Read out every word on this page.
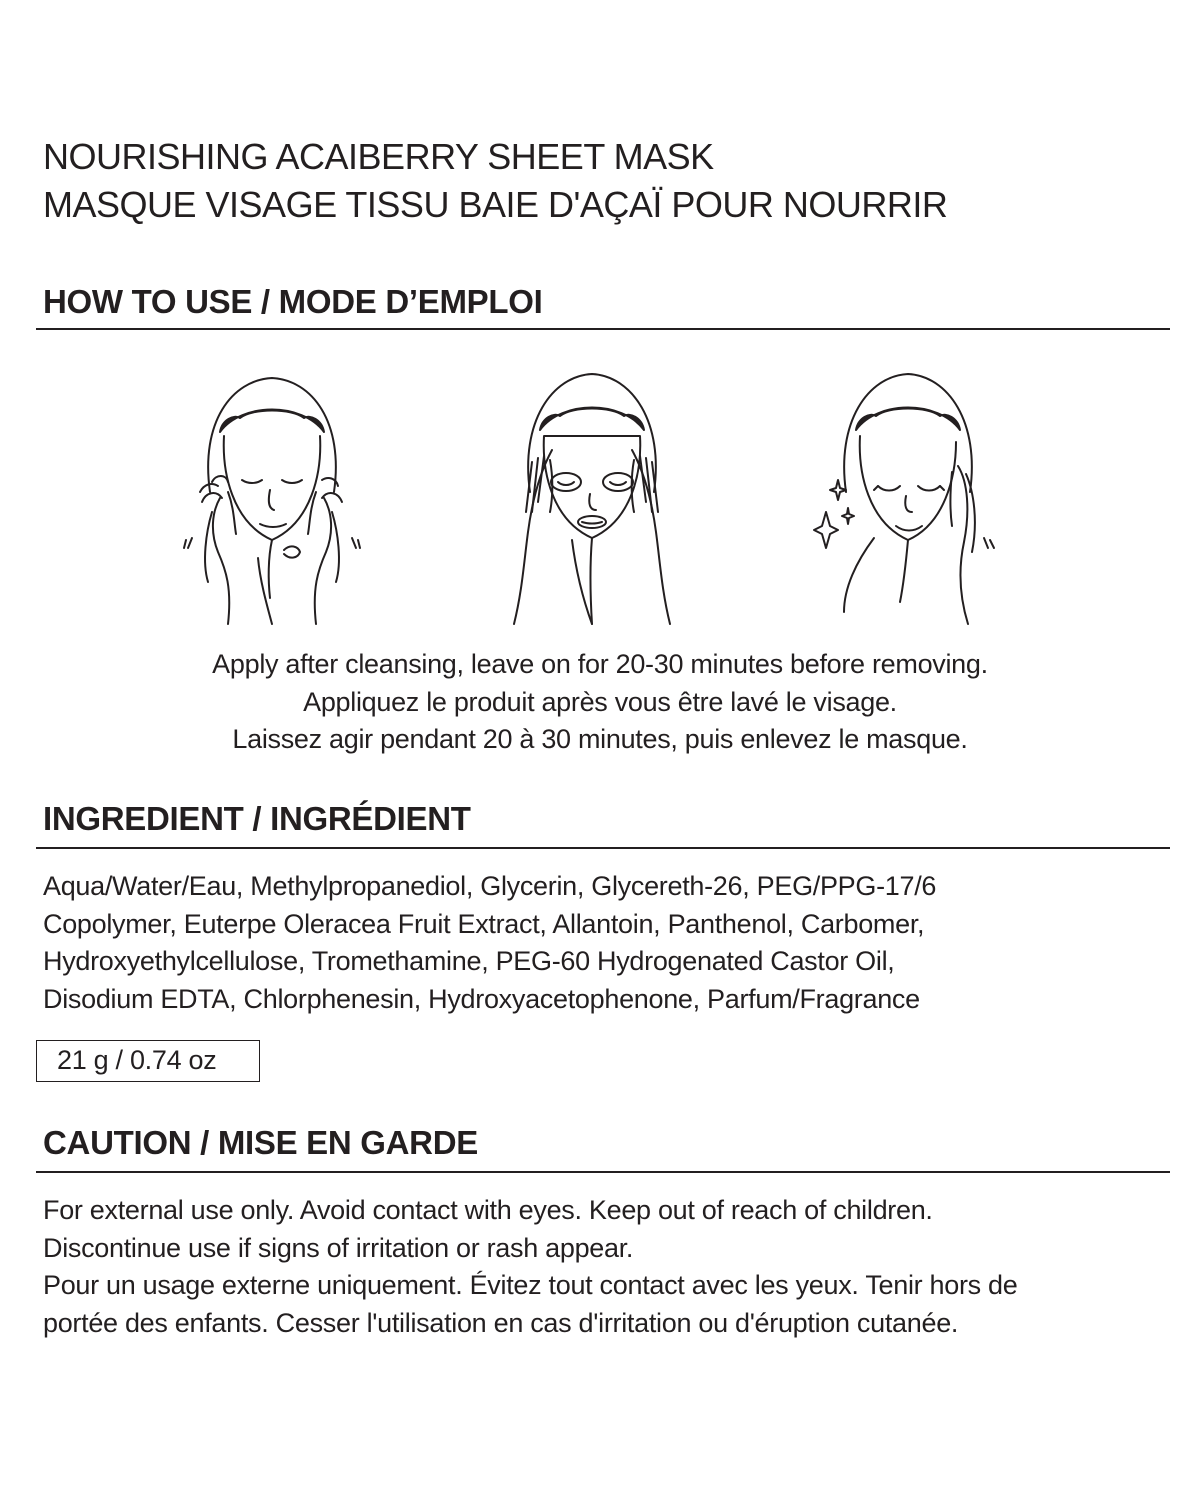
NOURISHING ACAIBERRY SHEET MASK
MASQUE VISAGE TISSU BAIE D'AÇAÏ POUR NOURRIR
HOW TO USE / MODE D’EMPLOI

Apply after cleansing, leave on for 20-30 minutes before removing.
Appliquez le produit après vous être lavé le visage.
Laissez agir pendant 20 à 30 minutes, puis enlevez le masque.

INGREDIENT / INGRÉDIENT

Aqua/Water/Eau, Methylpropanediol, Glycerin, Glycereth-26, PEG/PPG-17/6
Copolymer, Euterpe Oleracea Fruit Extract, Allantoin, Panthenol, Carbomer,
Hydroxyethylcellulose, Tromethamine, PEG-60 Hydrogenated Castor Oil,
Disodium EDTA, Chlorphenesin, Hydroxyacetophenone, Parfum/Fragrance

21 g / 0.74 oz
CAUTION / MISE EN GARDE

For external use only. Avoid contact with eyes. Keep out of reach of children.
Discontinue use if signs of irritation or rash appear.
Pour un usage externe uniquement. Évitez tout contact avec les yeux. Tenir hors de
portée des enfants. Cesser l'utilisation en cas d'irritation ou d'éruption cutanée.
